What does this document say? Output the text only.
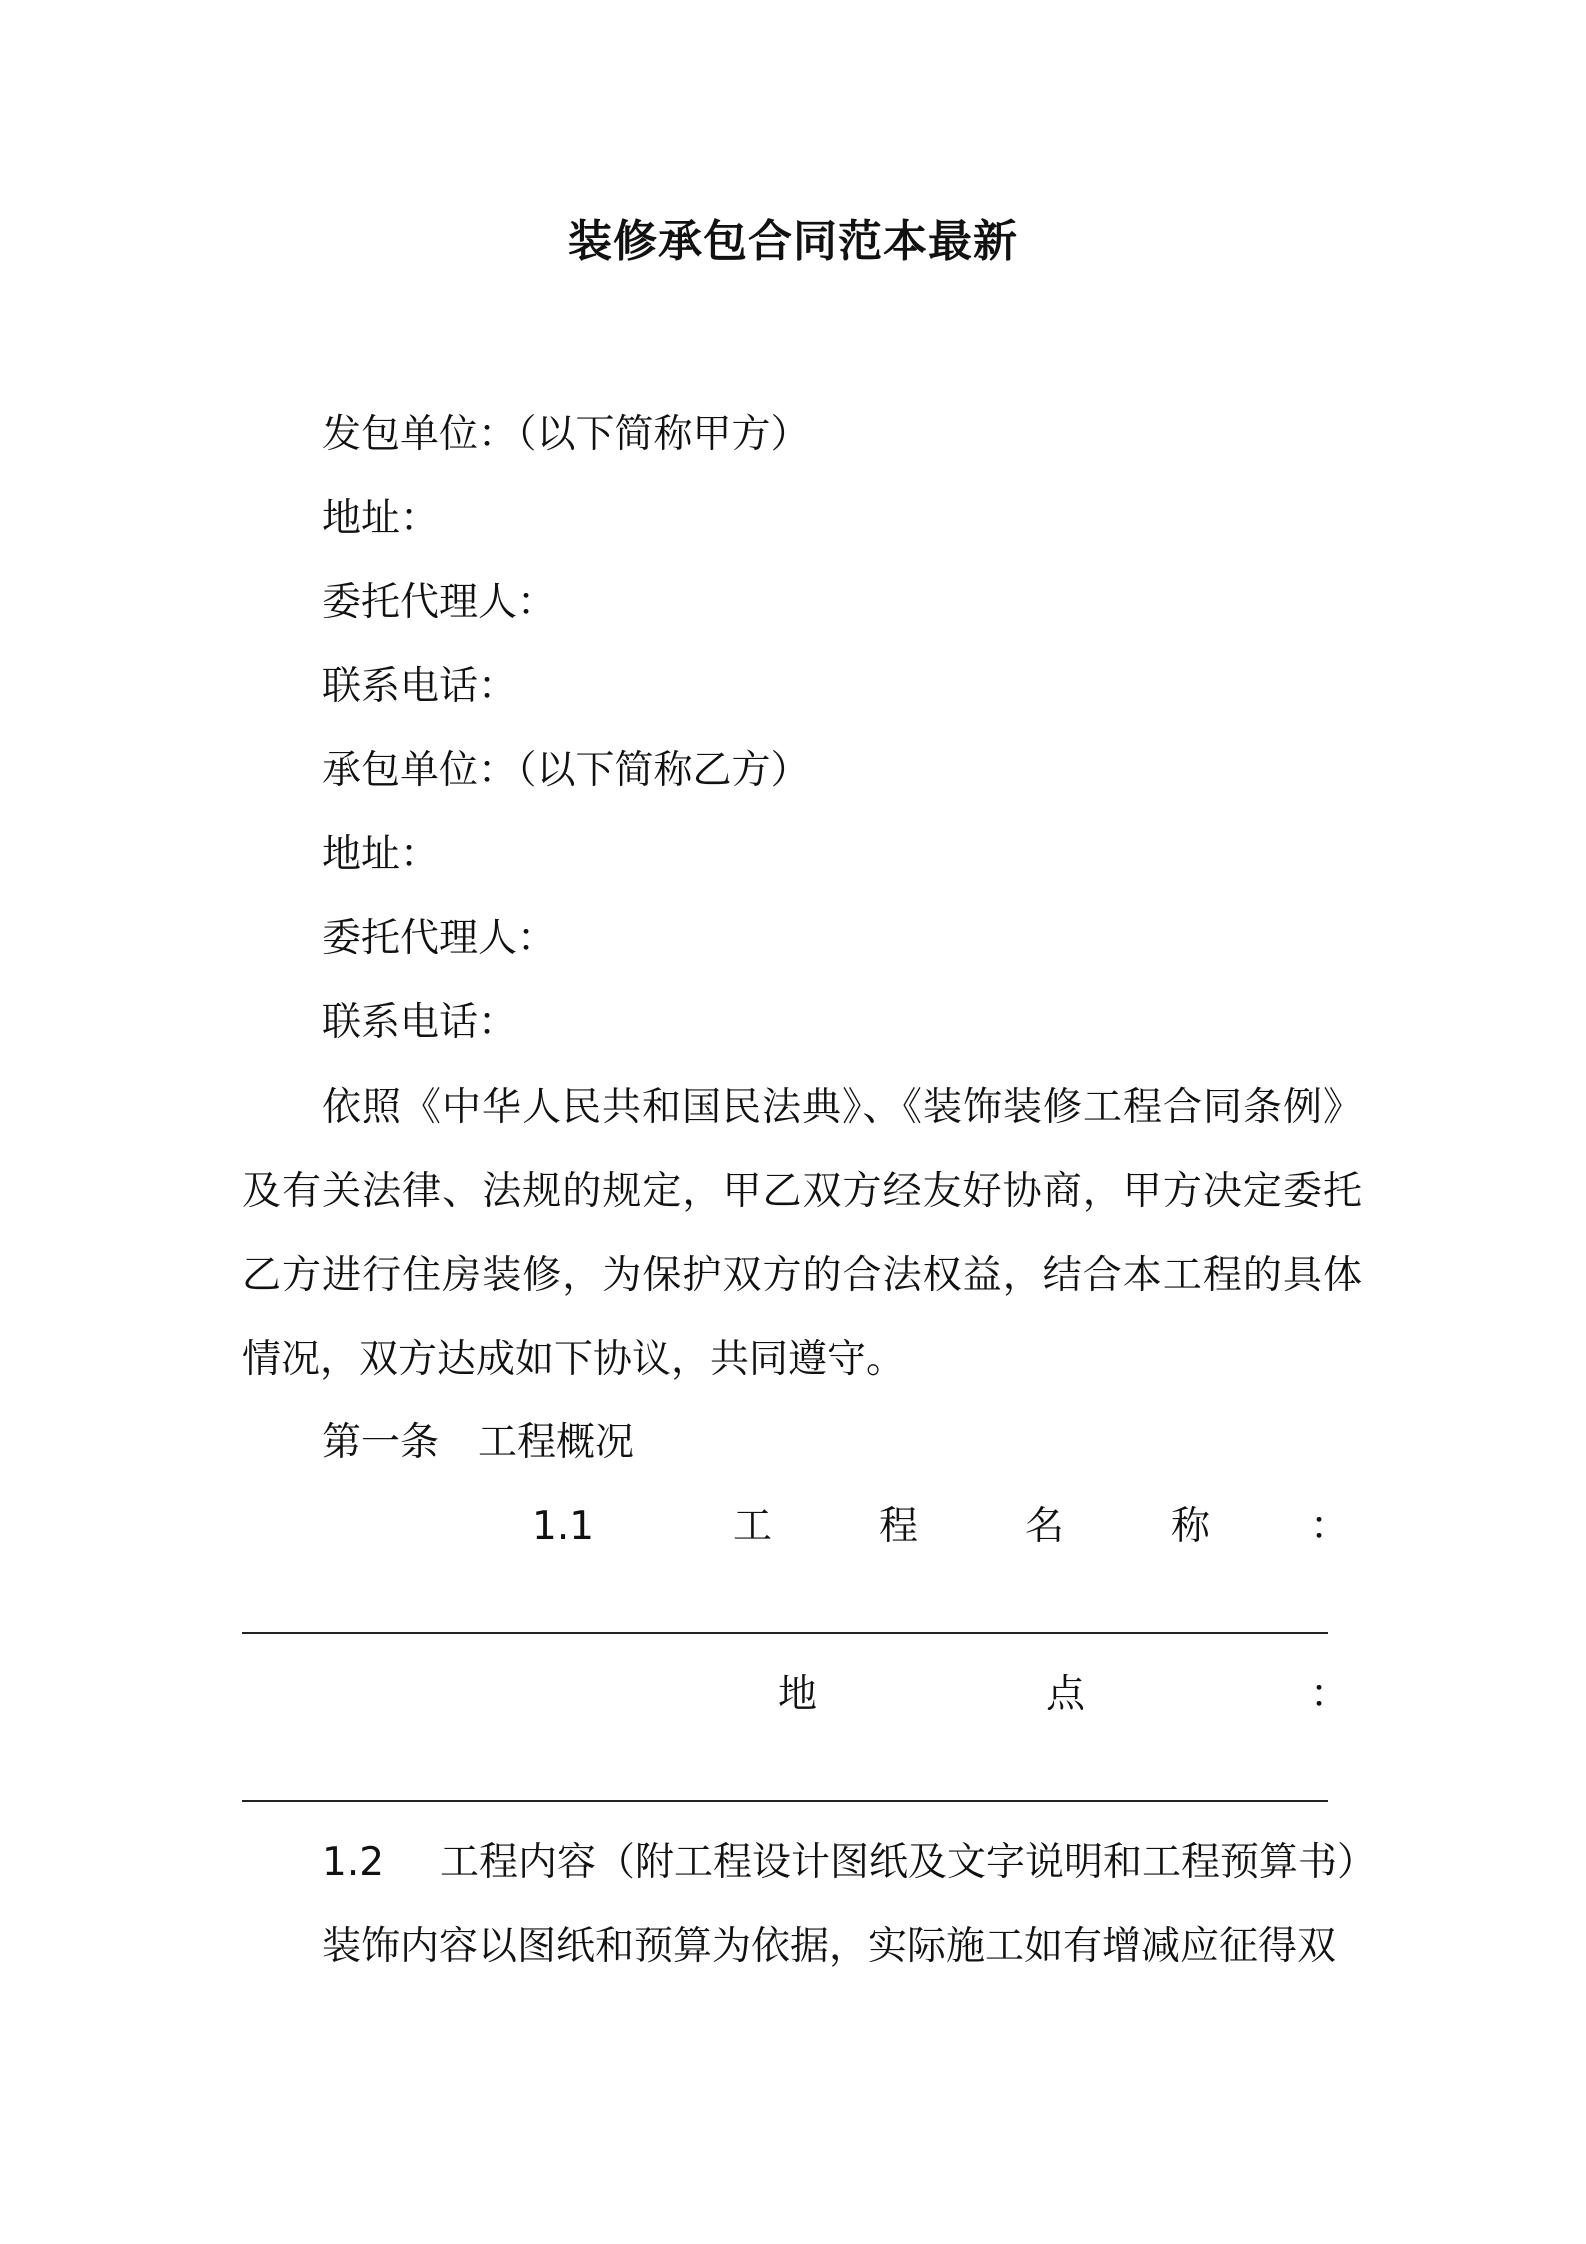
装修承包合同范本最新
发包单位：（以下简称甲方）
地址：
委托代理人：
联系电话：
承包单位：（以下简称乙方）
地址：
委托代理人：
联系电话：
依照《中华人民共和国民法典》、《装饰装修工程合同条例》及有关法律、法规的规定，甲乙双方经友好协商，甲方决定委托乙方进行住房装修，为保护双方的合法权益，结合本工程的具体情况，双方达成如下协议，共同遵守。
第一条　工程概况
1.1	工	程	名	称	：
地	点	：
1.2 工程内容（附工程设计图纸及文字说明和工程预算书）
装饰内容以图纸和预算为依据，实际施工如有增减应征得双
